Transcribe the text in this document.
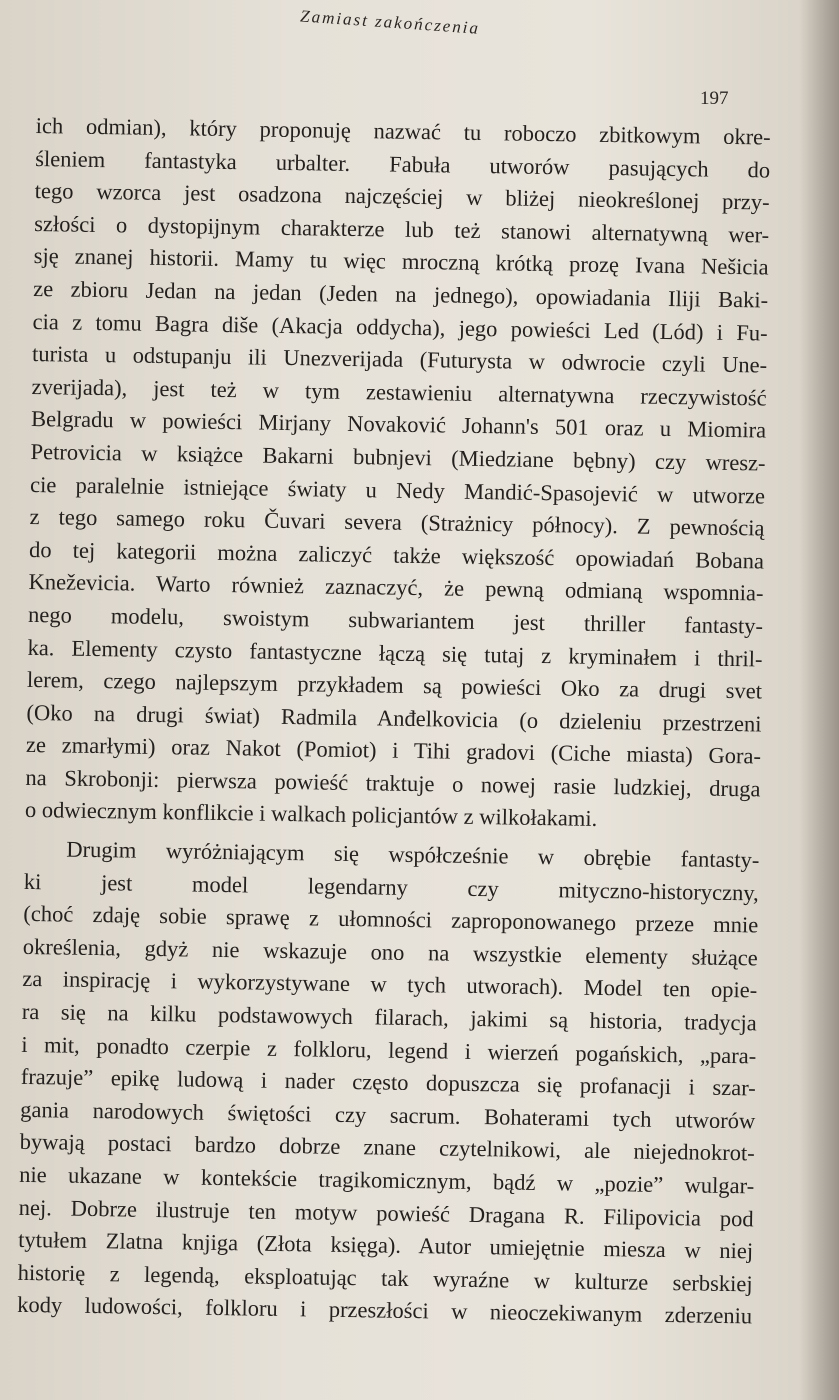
Zamiast zakończenia
197
ich odmian), który proponuję nazwać tu roboczo zbitkowym okre-
śleniem fantastyka urbalter. Fabuła utworów pasujących do
tego wzorca jest osadzona najczęściej w bliżej nieokreślonej przy-
szłości o dystopijnym charakterze lub też stanowi alternatywną wer-
sję znanej historii. Mamy tu więc mroczną krótką prozę Ivana Nešicia
ze zbioru Jedan na jedan (Jeden na jednego), opowiadania Iliji Baki-
cia z tomu Bagra diše (Akacja oddycha), jego powieści Led (Lód) i Fu-
turista u odstupanju ili Unezverijada (Futurysta w odwrocie czyli Une-
zverijada), jest też w tym zestawieniu alternatywna rzeczywistość
Belgradu w powieści Mirjany Novaković Johann's 501 oraz u Miomira
Petrovicia w książce Bakarni bubnjevi (Miedziane bębny) czy wresz-
cie paralelnie istniejące światy u Nedy Mandić-Spasojević w utworze
z tego samego roku Čuvari severa (Strażnicy północy). Z pewnością
do tej kategorii można zaliczyć także większość opowiadań Bobana
Kneževicia. Warto również zaznaczyć, że pewną odmianą wspomnia-
nego modelu, swoistym subwariantem jest thriller fantasty-
ka. Elementy czysto fantastyczne łączą się tutaj z kryminałem i thril-
lerem, czego najlepszym przykładem są powieści Oko za drugi svet
(Oko na drugi świat) Radmila Anđelkovicia (o dzieleniu przestrzeni
ze zmarłymi) oraz Nakot (Pomiot) i Tihi gradovi (Ciche miasta) Gora-
na Skrobonji: pierwsza powieść traktuje o nowej rasie ludzkiej, druga
o odwiecznym konflikcie i walkach policjantów z wilkołakami.
Drugim wyróżniającym się współcześnie w obrębie fantasty-
ki jest model legendarny czy mityczno-historyczny,
(choć zdaję sobie sprawę z ułomności zaproponowanego przeze mnie
określenia, gdyż nie wskazuje ono na wszystkie elementy służące
za inspirację i wykorzystywane w tych utworach). Model ten opie-
ra się na kilku podstawowych filarach, jakimi są historia, tradycja
i mit, ponadto czerpie z folkloru, legend i wierzeń pogańskich, „para-
frazuje” epikę ludową i nader często dopuszcza się profanacji i szar-
gania narodowych świętości czy sacrum. Bohaterami tych utworów
bywają postaci bardzo dobrze znane czytelnikowi, ale niejednokrot-
nie ukazane w kontekście tragikomicznym, bądź w „pozie” wulgar-
nej. Dobrze ilustruje ten motyw powieść Dragana R. Filipovicia pod
tytułem Zlatna knjiga (Złota księga). Autor umiejętnie miesza w niej
historię z legendą, eksploatując tak wyraźne w kulturze serbskiej
kody ludowości, folkloru i przeszłości w nieoczekiwanym zderzeniu
